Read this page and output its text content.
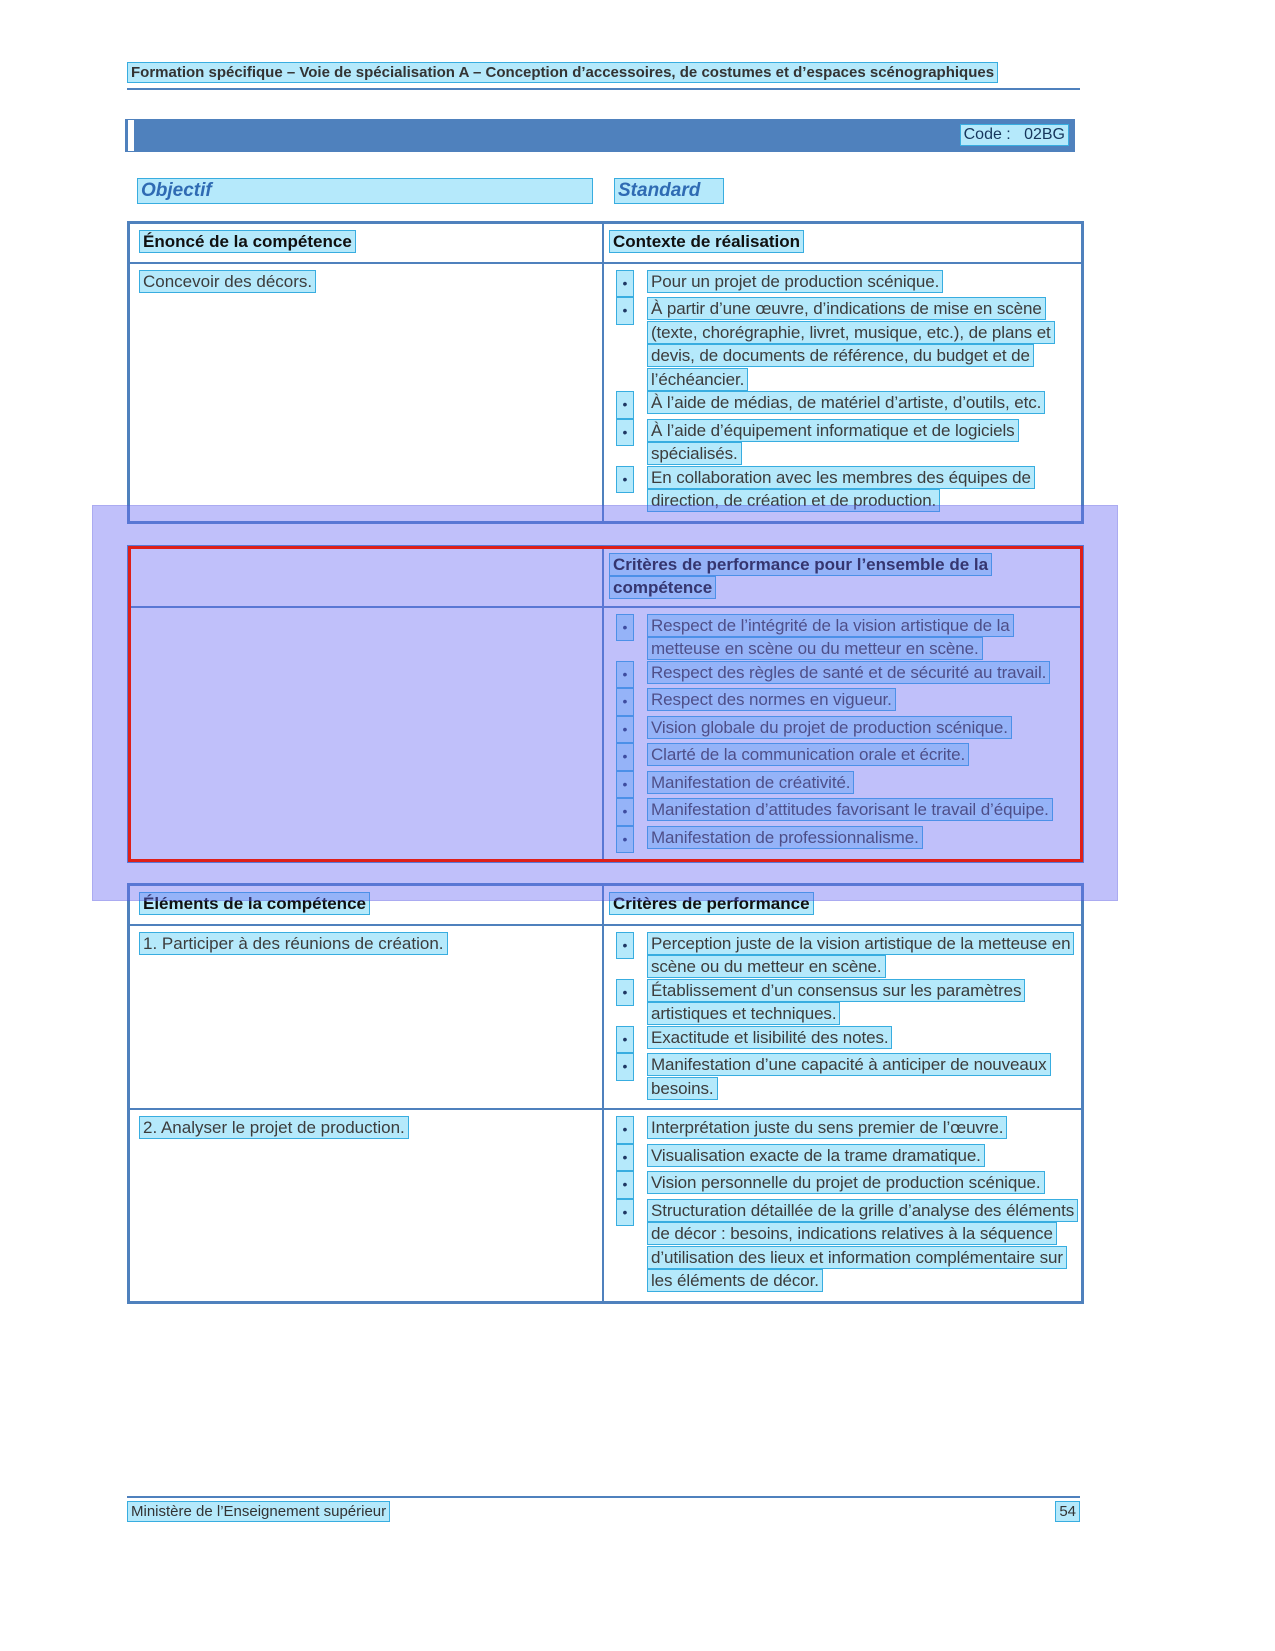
Formation spécifique – Voie de spécialisation A – Conception d’accessoires, de costumes et d’espaces scénographiques
Code :   02BG
Objectif	Standard
Énoncé de la compétence	Contexte de réalisation
Concevoir des décors.	•	Pour un projet de production scénique.
•	À partir d’une œuvre, d’indications de mise en scène (texte, chorégraphie, livret, musique, etc.), de plans et devis, de documents de référence, du budget et de l’échéancier.
•	À l’aide de médias, de matériel d’artiste, d’outils, etc.
•	À l’aide d’équipement informatique et de logiciels spécialisés.
•	En collaboration avec les membres des équipes de direction, de création et de production.
Critères de performance pour l’ensemble de la compétence
•	Respect de l’intégrité de la vision artistique de la metteuse en scène ou du metteur en scène.
•	Respect des règles de santé et de sécurité au travail.
•	Respect des normes en vigueur.
•	Vision globale du projet de production scénique.
•	Clarté de la communication orale et écrite.
•	Manifestation de créativité.
•	Manifestation d’attitudes favorisant le travail d’équipe.
•	Manifestation de professionnalisme.
Éléments de la compétence	Critères de performance
1. Participer à des réunions de création.	•	Perception juste de la vision artistique de la metteuse en scène ou du metteur en scène.
•	Établissement d’un consensus sur les paramètres artistiques et techniques.
•	Exactitude et lisibilité des notes.
•	Manifestation d’une capacité à anticiper de nouveaux besoins.
2. Analyser le projet de production.	•	Interprétation juste du sens premier de l’œuvre.
•	Visualisation exacte de la trame dramatique.
•	Vision personnelle du projet de production scénique.
•	Structuration détaillée de la grille d’analyse des éléments de décor : besoins, indications relatives à la séquence d’utilisation des lieux et information complémentaire sur les éléments de décor.
Ministère de l’Enseignement supérieur	54
